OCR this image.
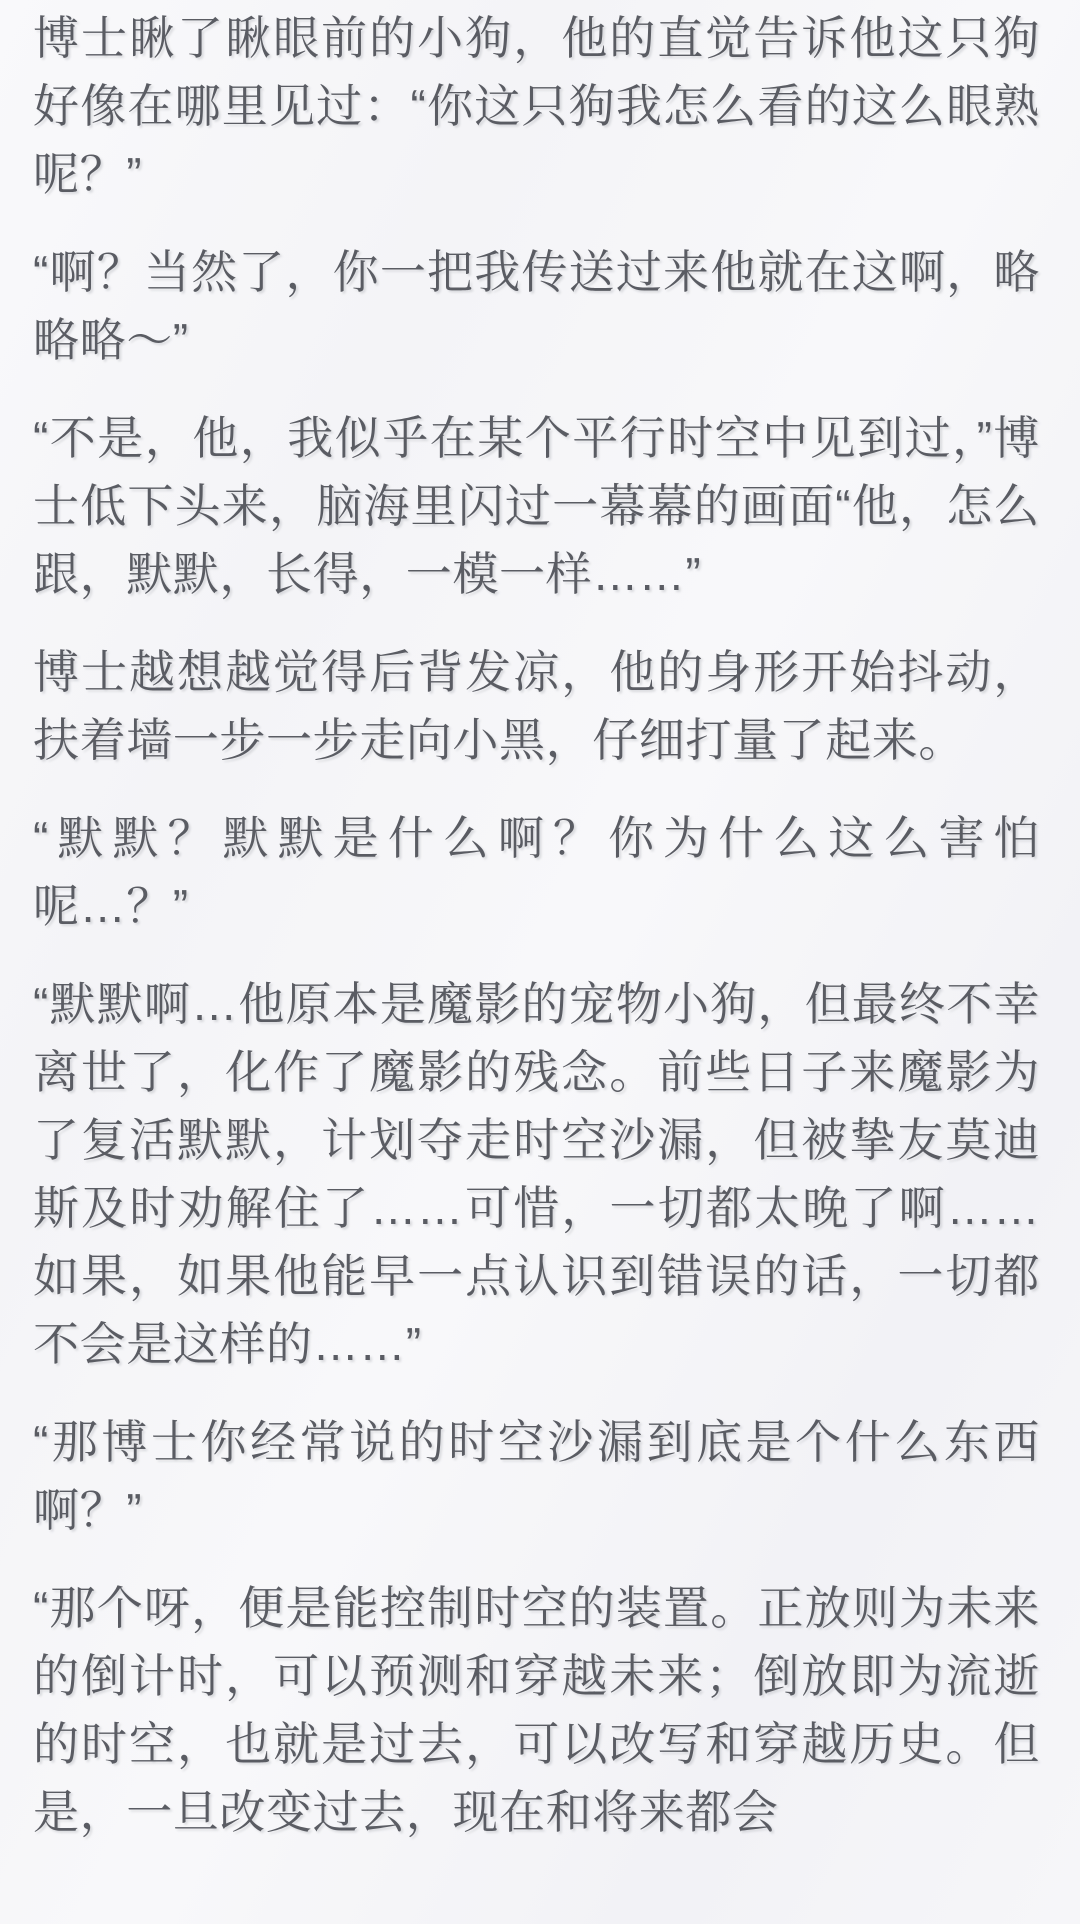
博士瞅了瞅眼前的小狗，他的直觉告诉他这只狗好像在哪里见过：“你这只狗我怎么看的这么眼熟呢？”

“啊？当然了，你一把我传送过来他就在这啊，略略略～”

“不是，他，我似乎在某个平行时空中见到过，”博士低下头来，脑海里闪过一幕幕的画面“他，怎么跟，默默，长得，一模一样……”

博士越想越觉得后背发凉，他的身形开始抖动，扶着墙一步一步走向小黑，仔细打量了起来。

“默默？默默是什么啊？你为什么这么害怕呢…？”

“默默啊…他原本是魔影的宠物小狗，但最终不幸离世了，化作了魔影的残念。前些日子来魔影为了复活默默，计划夺走时空沙漏，但被挚友莫迪斯及时劝解住了……可惜，一切都太晚了啊……如果，如果他能早一点认识到错误的话，一切都不会是这样的……”

“那博士你经常说的时空沙漏到底是个什么东西啊？”

“那个呀，便是能控制时空的装置。正放则为未来的倒计时，可以预测和穿越未来；倒放即为流逝的时空，也就是过去，可以改写和穿越历史。但是，一旦改变过去，现在和将来都会
